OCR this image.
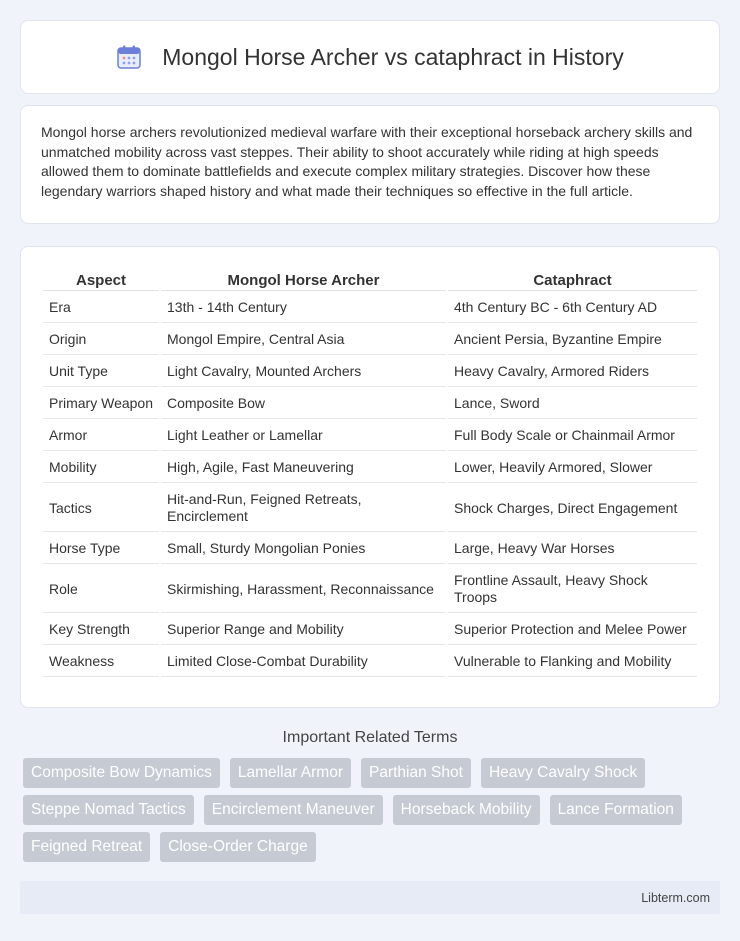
Mongol Horse Archer vs cataphract in History

Mongol horse archers revolutionized medieval warfare with their exceptional horseback archery skills and unmatched mobility across vast steppes. Their ability to shoot accurately while riding at high speeds allowed them to dominate battlefields and execute complex military strategies. Discover how these legendary warriors shaped history and what made their techniques so effective in the full article.

Aspect	Mongol Horse Archer	Cataphract
Era	13th - 14th Century	4th Century BC - 6th Century AD
Origin	Mongol Empire, Central Asia	Ancient Persia, Byzantine Empire
Unit Type	Light Cavalry, Mounted Archers	Heavy Cavalry, Armored Riders
Primary Weapon	Composite Bow	Lance, Sword
Armor	Light Leather or Lamellar	Full Body Scale or Chainmail Armor
Mobility	High, Agile, Fast Maneuvering	Lower, Heavily Armored, Slower
Tactics	Hit-and-Run, Feigned Retreats, Encirclement	Shock Charges, Direct Engagement
Horse Type	Small, Sturdy Mongolian Ponies	Large, Heavy War Horses
Role	Skirmishing, Harassment, Reconnaissance	Frontline Assault, Heavy Shock Troops
Key Strength	Superior Range and Mobility	Superior Protection and Melee Power
Weakness	Limited Close-Combat Durability	Vulnerable to Flanking and Mobility
Important Related Terms
Composite Bow Dynamics	Lamellar Armor	Parthian Shot	Heavy Cavalry Shock
Steppe Nomad Tactics	Encirclement Maneuver	Horseback Mobility	Lance Formation
Feigned Retreat	Close-Order Charge
Libterm.com
